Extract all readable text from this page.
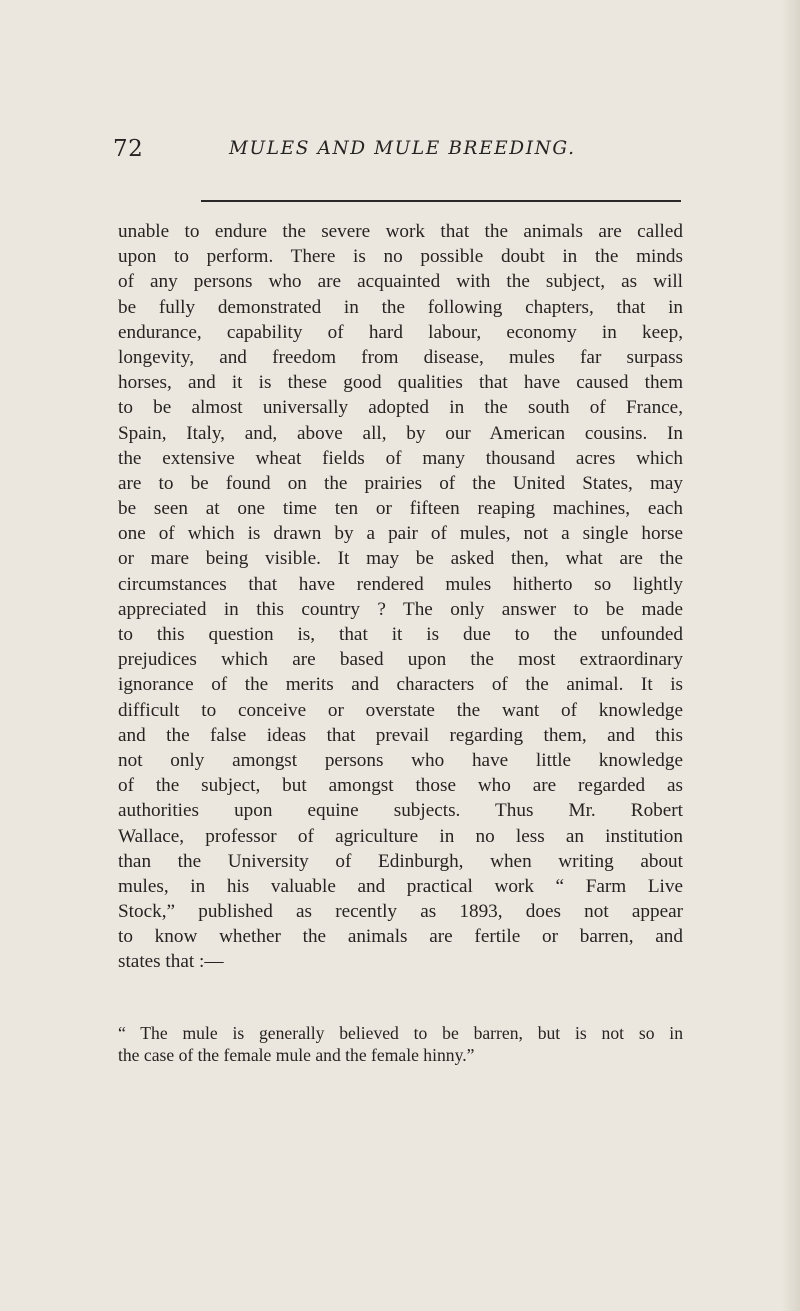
72	MULES AND MULE BREEDING.
unable to endure the severe work that the animals are called
upon to perform. There is no possible doubt in the minds
of any persons who are acquainted with the subject, as will
be fully demonstrated in the following chapters, that in
endurance, capability of hard labour, economy in keep,
longevity, and freedom from disease, mules far surpass
horses, and it is these good qualities that have caused them
to be almost universally adopted in the south of France,
Spain, Italy, and, above all, by our American cousins. In
the extensive wheat fields of many thousand acres which
are to be found on the prairies of the United States, may
be seen at one time ten or fifteen reaping machines, each
one of which is drawn by a pair of mules, not a single horse
or mare being visible. It may be asked then, what are the
circumstances that have rendered mules hitherto so lightly
appreciated in this country ? The only answer to be made
to this question is, that it is due to the unfounded
prejudices which are based upon the most extraordinary
ignorance of the merits and characters of the animal. It is
difficult to conceive or overstate the want of knowledge
and the false ideas that prevail regarding them, and this
not only amongst persons who have little knowledge
of the subject, but amongst those who are regarded as
authorities upon equine subjects. Thus Mr. Robert
Wallace, professor of agriculture in no less an institution
than the University of Edinburgh, when writing about
mules, in his valuable and practical work “ Farm Live
Stock,” published as recently as 1893, does not appear
to know whether the animals are fertile or barren, and
states that :—
“ The mule is generally believed to be barren, but is not so in
the case of the female mule and the female hinny.”
